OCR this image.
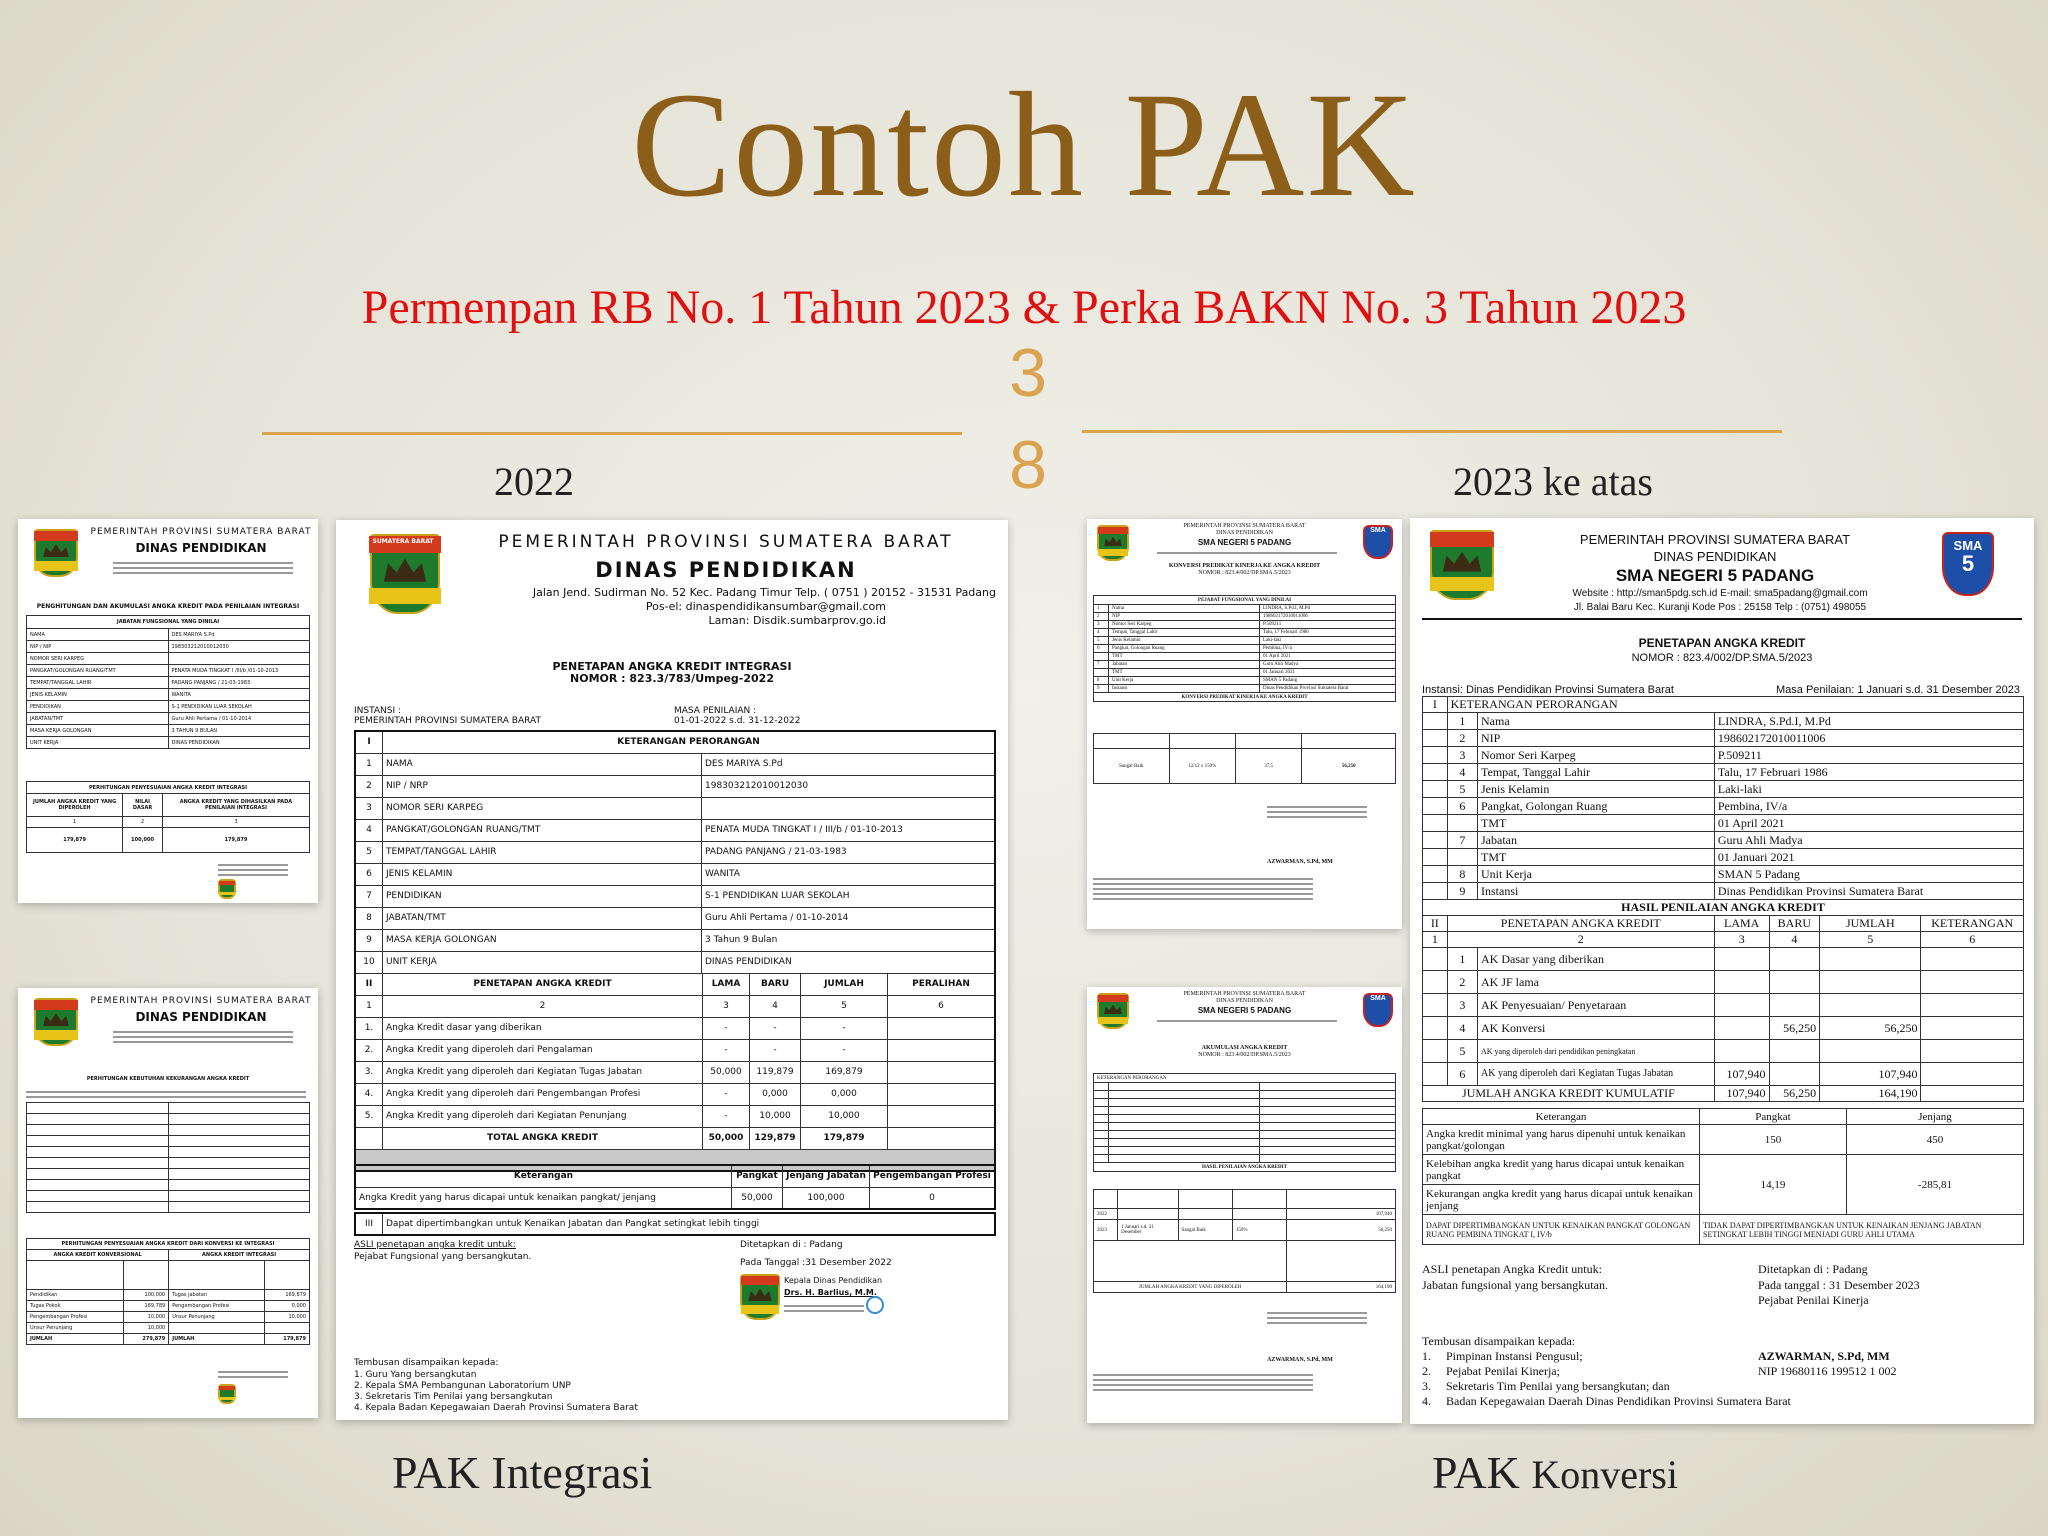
Contoh PAK
Permenpan RB No. 1 Tahun 2023 & Perka BAKN No. 3 Tahun 2023
3
8
2022	2023 ke atas
PEMERINTAH PROVINSI SUMATERA BARAT
DINAS PENDIDIKAN
PENGHITUNGAN DAN AKUMULASI ANGKA KREDIT PADA PENILAIAN INTEGRASI
JABATAN FUNGSIONAL YANG DINILAI	
NAMA	DES MARIYA S.Pd
NIP / NIP	198303212010012030
NOMOR SERI KARPEG	
PANGKAT/GOLONGAN RUANG/TMT	PENATA MUDA TINGKAT I /III/b /01-10-2013
TEMPAT/TANGGAL LAHIR	PADANG PANJANG / 21-03-1983
JENIS KELAMIN	WANITA
PENDIDIKAN	S-1 PENDIDIKAN LUAR SEKOLAH
JABATAN/TMT	Guru Ahli Pertama / 01-10-2014
MASA KERJA GOLONGAN	3 TAHUN 9 BULAN
UNIT KERJA	DINAS PENDIDIKAN
PERHITUNGAN PENYESUAIAN ANGKA KREDIT INTEGRASI		
JUMLAH ANGKA KREDIT YANG DIPEROLEH	NILAI DASAR	ANGKA KREDIT YANG DIHASILKAN PADA PENILAIAN INTEGRASI
1	2	3
179,879	100,000	179,879
PEMERINTAH PROVINSI SUMATERA BARAT
DINAS PENDIDIKAN
PERHITUNGAN KEBUTUHAN KEKURANGAN ANGKA KREDIT

PERHITUNGAN PENYESUAIAN ANGKA KREDIT DARI KONVERSI KE INTEGRASI			
ANGKA KREDIT KONVERSIONAL		ANGKA KREDIT INTEGRASI	

Pendidikan	100,000	Tugas jabatan	169,879
Tugas Pokok	169,789	Pengembangan Profesi	0,000
Pengembangan Profesi	10,000	Unsur Penunjang	10,000
Unsur Penunjang	10,000		
JUMLAH	279,879	JUMLAH	179,879
SUMATERA BARAT	PEMERINTAH PROVINSI SUMATERA BARAT
DINAS PENDIDIKAN
Jalan Jend. Sudirman No. 52 Kec. Padang Timur Telp. ( 0751 ) 20152 - 31531 Padang
Pos-el: dinaspendidikansumbar@gmail.com
Laman: Disdik.sumbarprov.go.id
PENETAPAN ANGKA KREDIT INTEGRASI
NOMOR : 823.3/783/Umpeg-2022
INSTANSI :
PEMERINTAH PROVINSI SUMATERA BARAT
MASA PENILAIAN :
01-01-2022 s.d. 31-12-2022
I	KETERANGAN PERORANGAN				
1	NAMA	DES MARIYA S.Pd			
2	NIP / NRP	198303212010012030			
3	NOMOR SERI KARPEG				
4	PANGKAT/GOLONGAN RUANG/TMT	PENATA MUDA TINGKAT I / III/b / 01-10-2013			
5	TEMPAT/TANGGAL LAHIR	PADANG PANJANG / 21-03-1983			
6	JENIS KELAMIN	WANITA			
7	PENDIDIKAN	S-1 PENDIDIKAN LUAR SEKOLAH			
8	JABATAN/TMT	Guru Ahli Pertama / 01-10-2014			
9	MASA KERJA GOLONGAN	3 Tahun 9 Bulan			
10	UNIT KERJA	DINAS PENDIDIKAN			
II	PENETAPAN ANGKA KREDIT	LAMA	BARU	JUMLAH	PERALIHAN
1	2	3	4	5	6
1.	Angka Kredit dasar yang diberikan	-	-	-	
2.	Angka Kredit yang diperoleh dari Pengalaman	-	-	-	
3.	Angka Kredit yang diperoleh dari Kegiatan Tugas Jabatan	50,000	119,879	169,879	
4.	Angka Kredit yang diperoleh dari Pengembangan Profesi	-	0,000	0,000	
5.	Angka Kredit yang diperoleh dari Kegiatan Penunjang	-	10,000	10,000	
	TOTAL ANGKA KREDIT	50,000	129,879	179,879	

Keterangan	Pangkat	Jenjang Jabatan	Pengembangan Profesi
Angka Kredit yang harus dicapai untuk kenaikan pangkat/ jenjang	50,000	100,000	0
III	Dapat dipertimbangkan untuk Kenaikan Jabatan dan Pangkat setingkat lebih tinggi
ASLI penetapan angka kredit untuk:
Pejabat Fungsional yang bersangkutan.
Ditetapkan di : Padang
Pada Tanggal :31 Desember 2022
Kepala Dinas Pendidikan
Drs. H. Barlius, M.M.
Tembusan disampaikan kepada:
1. Guru Yang bersangkutan
2. Kepala SMA Pembangunan Laboratorium UNP
3. Sekretaris Tim Penilai yang bersangkutan
4. Kepala Badan Kepegawaian Daerah Provinsi Sumatera Barat
SMA
PEMERINTAH PROVINSI SUMATERA BARAT
DINAS PENDIDIKAN
SMA NEGERI 5 PADANG
KONVERSI PREDIKAT KINERJA KE ANGKA KREDIT
NOMOR : 823.4/002/DP.SMA.5/2023
PEJABAT FUNGSIONAL YANG DINILAI		
1	Nama	LINDRA, S.Pd.I, M.Pd
2	NIP	198602172010011006
3	Nomor Seri Karpeg	P.509211
4	Tempat, Tanggal Lahir	Talu, 17 Februari 1986
5	Jenis Kelamin	Laki-laki
6	Pangkat, Golongan Ruang	Pembina, IV/a
	TMT	01 April 2021
7	Jabatan	Guru Ahli Madya
	TMT	01 Januari 2021
8	Unit Kerja	SMAN 5 Padang
9	Instansi	Dinas Pendidikan Provinsi Sumatera Barat
KONVERSI PREDIKAT KINERJA KE ANGKA KREDIT		

Sangat Baik	12/12 x 150%	37,5	56,250
AZWARMAN, S.Pd, MM
SMA
PEMERINTAH PROVINSI SUMATERA BARAT
DINAS PENDIDIKAN
SMA NEGERI 5 PADANG
AKUMULASI ANGKA KREDIT
NOMOR : 823.4/002/DP.SMA.5/2023
KETERANGAN PERORANGAN		

HASIL PENILAIAN ANGKA KREDIT		

2022				107,940
2023	1 Januari s.d. 31 Desember	Sangat Baik	150%	56,250

JUMLAH ANGKA KREDIT YANG DIPEROLEH				164,190
AZWARMAN, S.Pd, MM
SMA
5
PEMERINTAH PROVINSI SUMATERA BARAT
DINAS PENDIDIKAN
SMA NEGERI 5 PADANG
Website : http://sman5pdg.sch.id E-mail: sma5padang@gmail.com
Jl. Balai Baru Kec. Kuranji Kode Pos : 25158 Telp : (0751) 498055
PENETAPAN ANGKA KREDIT
NOMOR : 823.4/002/DP.SMA.5/2023
Instansi: Dinas Pendidikan Provinsi Sumatera Barat	Masa Penilaian: 1 Januari s.d. 31 Desember 2023
I	KETERANGAN PERORANGAN					
	1	Nama	LINDRA, S.Pd.I, M.Pd			
	2	NIP	198602172010011006			
	3	Nomor Seri Karpeg	P.509211			
	4	Tempat, Tanggal Lahir	Talu, 17 Februari 1986			
	5	Jenis Kelamin	Laki-laki			
	6	Pangkat, Golongan Ruang	Pembina, IV/a			
		TMT	01 April 2021			
	7	Jabatan	Guru Ahli Madya			
		TMT	01 Januari 2021			
	8	Unit Kerja	SMAN 5 Padang			
	9	Instansi	Dinas Pendidikan Provinsi Sumatera Barat			
HASIL PENILAIAN ANGKA KREDIT						
II	PENETAPAN ANGKA KREDIT		LAMA	BARU	JUMLAH	KETERANGAN
1	2		3	4	5	6
	1	AK Dasar yang diberikan				
	2	AK JF lama				
	3	AK Penyesuaian/ Penyetaraan				
	4	AK Konversi		56,250	56,250	
	5	AK yang diperoleh dari pendidikan peningkatan				
	6	AK yang diperoleh dari Kegiatan Tugas Jabatan	107,940		107,940	
JUMLAH ANGKA KREDIT KUMULATIF			107,940	56,250	164,190	
Keterangan	Pangkat	Jenjang
Angka kredit minimal yang harus dipenuhi untuk kenaikan pangkat/golongan	150	450
Kelebihan angka kredit yang harus dicapai untuk kenaikan pangkat	14,19	-285,81
Kekurangan angka kredit yang harus dicapai untuk kenaikan jenjang		
DAPAT DIPERTIMBANGKAN UNTUK KENAIKAN PANGKAT GOLONGAN RUANG PEMBINA TINGKAT I, IV/b	TIDAK DAPAT DIPERTIMBANGKAN UNTUK KENAIKAN JENJANG JABATAN SETINGKAT LEBIH TINGGI MENJADI GURU AHLI UTAMA	
ASLI penetapan Angka Kredit untuk:
Jabatan fungsional yang bersangkutan.
Ditetapkan di : Padang
Pada tanggal : 31 Desember 2023
Pejabat Penilai Kinerja
Tembusan disampaikan kepada:
1.     Pimpinan Instansi Pengusul;
2.     Pejabat Penilai Kinerja;
3.     Sekretaris Tim Penilai yang bersangkutan; dan
4.     Badan Kepegawaian Daerah Dinas Pendidikan Provinsi Sumatera Barat
AZWARMAN, S.Pd, MM
NIP 19680116 199512 1 002
PAK Integrasi	PAK Konversi
